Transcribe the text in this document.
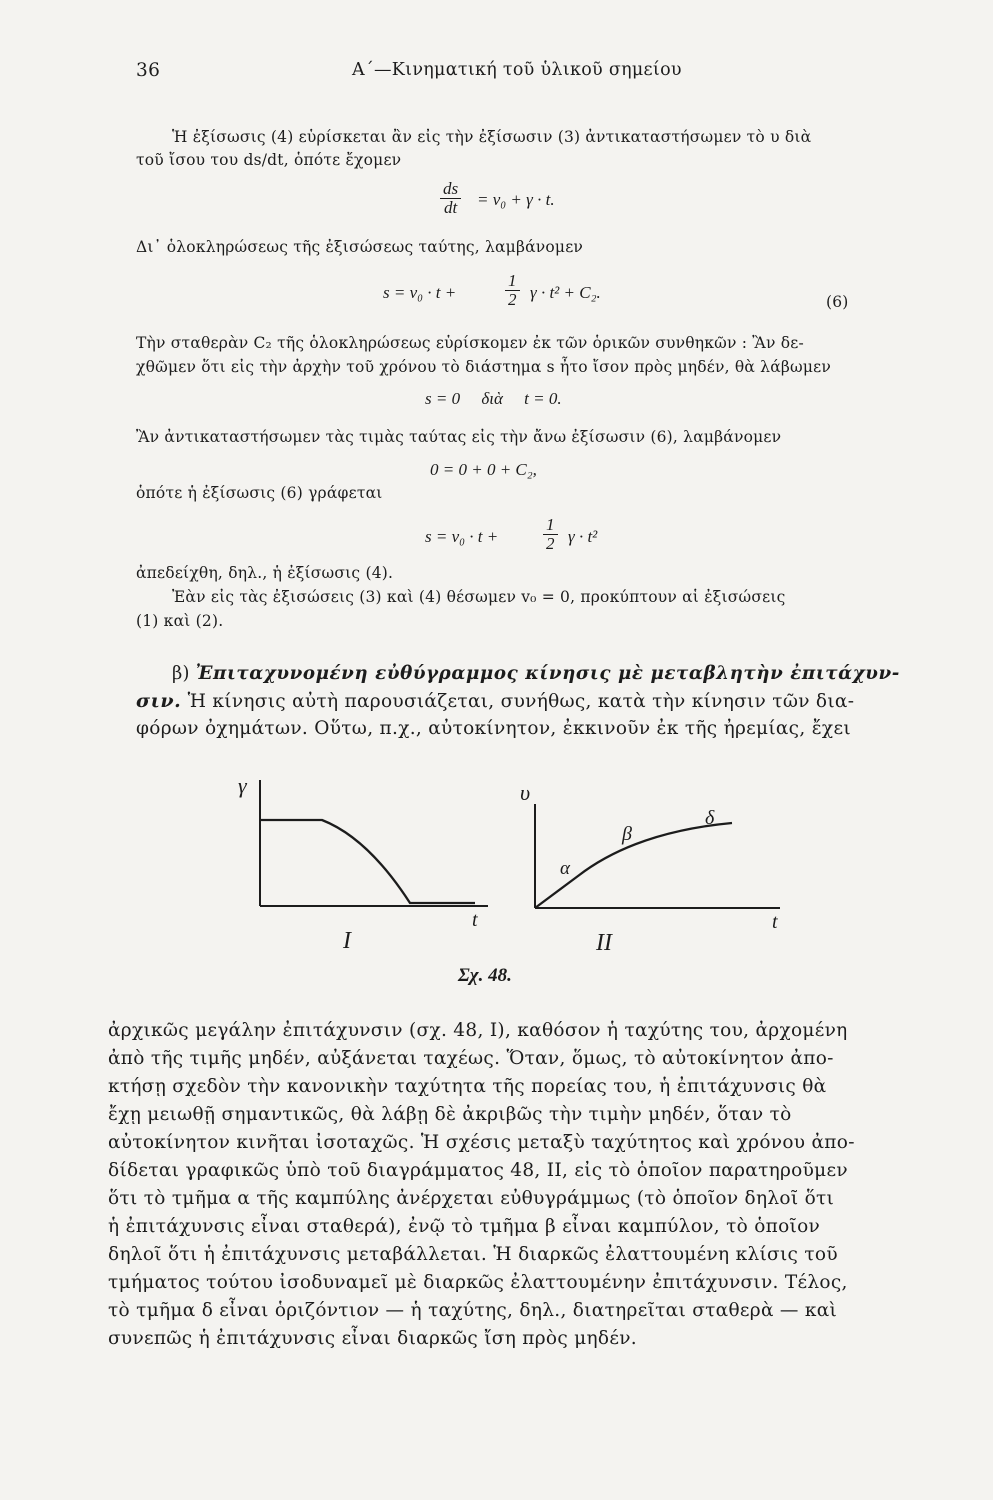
36	Α΄—Κινηματική τοῦ ὑλικοῦ σημείου
Ἡ ἐξίσωσις (4) εὑρίσκεται ἂν εἰς τὴν ἐξίσωσιν (3) ἀντικαταστήσωμεν τὸ υ διὰ
τοῦ ἴσου του ds/dt, ὁπότε ἔχομεν
$\frac{ds}{dt} = v_0 + \gamma \cdot t$.
Δι᾽ ὁλοκληρώσεως τῆς ἐξισώσεως ταύτης, λαμβάνομεν
s = v₀ · t +	$\frac{1}{2}$ γ · t² + C₂.	(6)
Τὴν σταθερὰν C₂ τῆς ὁλοκληρώσεως εὑρίσκομεν ἐκ τῶν ὁρικῶν συνθηκῶν : Ἂν δε-
χθῶμεν ὅτι εἰς τὴν ἀρχὴν τοῦ χρόνου τὸ διάστημα s ἦτο ἴσον πρὸς μηδέν, θὰ λάβωμεν
s = 0     διὰ     t = 0.
Ἂν ἀντικαταστήσωμεν τὰς τιμὰς ταύτας εἰς τὴν ἄνω ἐξίσωσιν (6), λαμβάνομεν
0 = 0 + 0 + C₂,
ὁπότε ἡ ἐξίσωσις (6) γράφεται
s = v₀ · t +	$\frac{1}{2}$ γ · t²
ἀπεδείχθη, δηλ., ἡ ἐξίσωσις (4).
Ἐὰν εἰς τὰς ἐξισώσεις (3) καὶ (4) θέσωμεν v₀ = 0, προκύπτουν αἱ ἐξισώσεις
(1) καὶ (2).
β) Ἐπιταχυνομένη εὐθύγραμμος κίνησις μὲ μεταβλητὴν ἐπιτάχυν-
σιν. Ἡ κίνησις αὐτὴ παρουσιάζεται, συνήθως, κατὰ τὴν κίνησιν τῶν δια-
φόρων ὀχημάτων. Οὕτω, π.χ., αὐτοκίνητον, ἐκκινοῦν ἐκ τῆς ἠρεμίας, ἔχει
γ
t
I
υ
t
α
β
δ
II
Σχ. 48.
ἀρχικῶς μεγάλην ἐπιτάχυνσιν (σχ. 48, I), καθόσον ἡ ταχύτης του, ἀρχομένη
ἀπὸ τῆς τιμῆς μηδέν, αὐξάνεται ταχέως. Ὅταν, ὅμως, τὸ αὐτοκίνητον ἀπο-
κτήσῃ σχεδὸν τὴν κανονικὴν ταχύτητα τῆς πορείας του, ἡ ἐπιτάχυνσις θὰ
ἔχῃ μειωθῇ σημαντικῶς, θὰ λάβῃ δὲ ἀκριβῶς τὴν τιμὴν μηδέν, ὅταν τὸ
αὐτοκίνητον κινῆται ἰσοταχῶς. Ἡ σχέσις μεταξὺ ταχύτητος καὶ χρόνου ἀπο-
δίδεται γραφικῶς ὑπὸ τοῦ διαγράμματος 48, II, εἰς τὸ ὁποῖον παρατηροῦμεν
ὅτι τὸ τμῆμα α τῆς καμπύλης ἀνέρχεται εὐθυγράμμως (τὸ ὁποῖον δηλοῖ ὅτι
ἡ ἐπιτάχυνσις εἶναι σταθερά), ἐνῷ τὸ τμῆμα β εἶναι καμπύλον, τὸ ὁποῖον
δηλοῖ ὅτι ἡ ἐπιτάχυνσις μεταβάλλεται. Ἡ διαρκῶς ἐλαττουμένη κλίσις τοῦ
τμήματος τούτου ἰσοδυναμεῖ μὲ διαρκῶς ἐλαττουμένην ἐπιτάχυνσιν. Τέλος,
τὸ τμῆμα δ εἶναι ὁριζόντιον — ἡ ταχύτης, δηλ., διατηρεῖται σταθερὰ — καὶ
συνεπῶς ἡ ἐπιτάχυνσις εἶναι διαρκῶς ἴση πρὸς μηδέν.
